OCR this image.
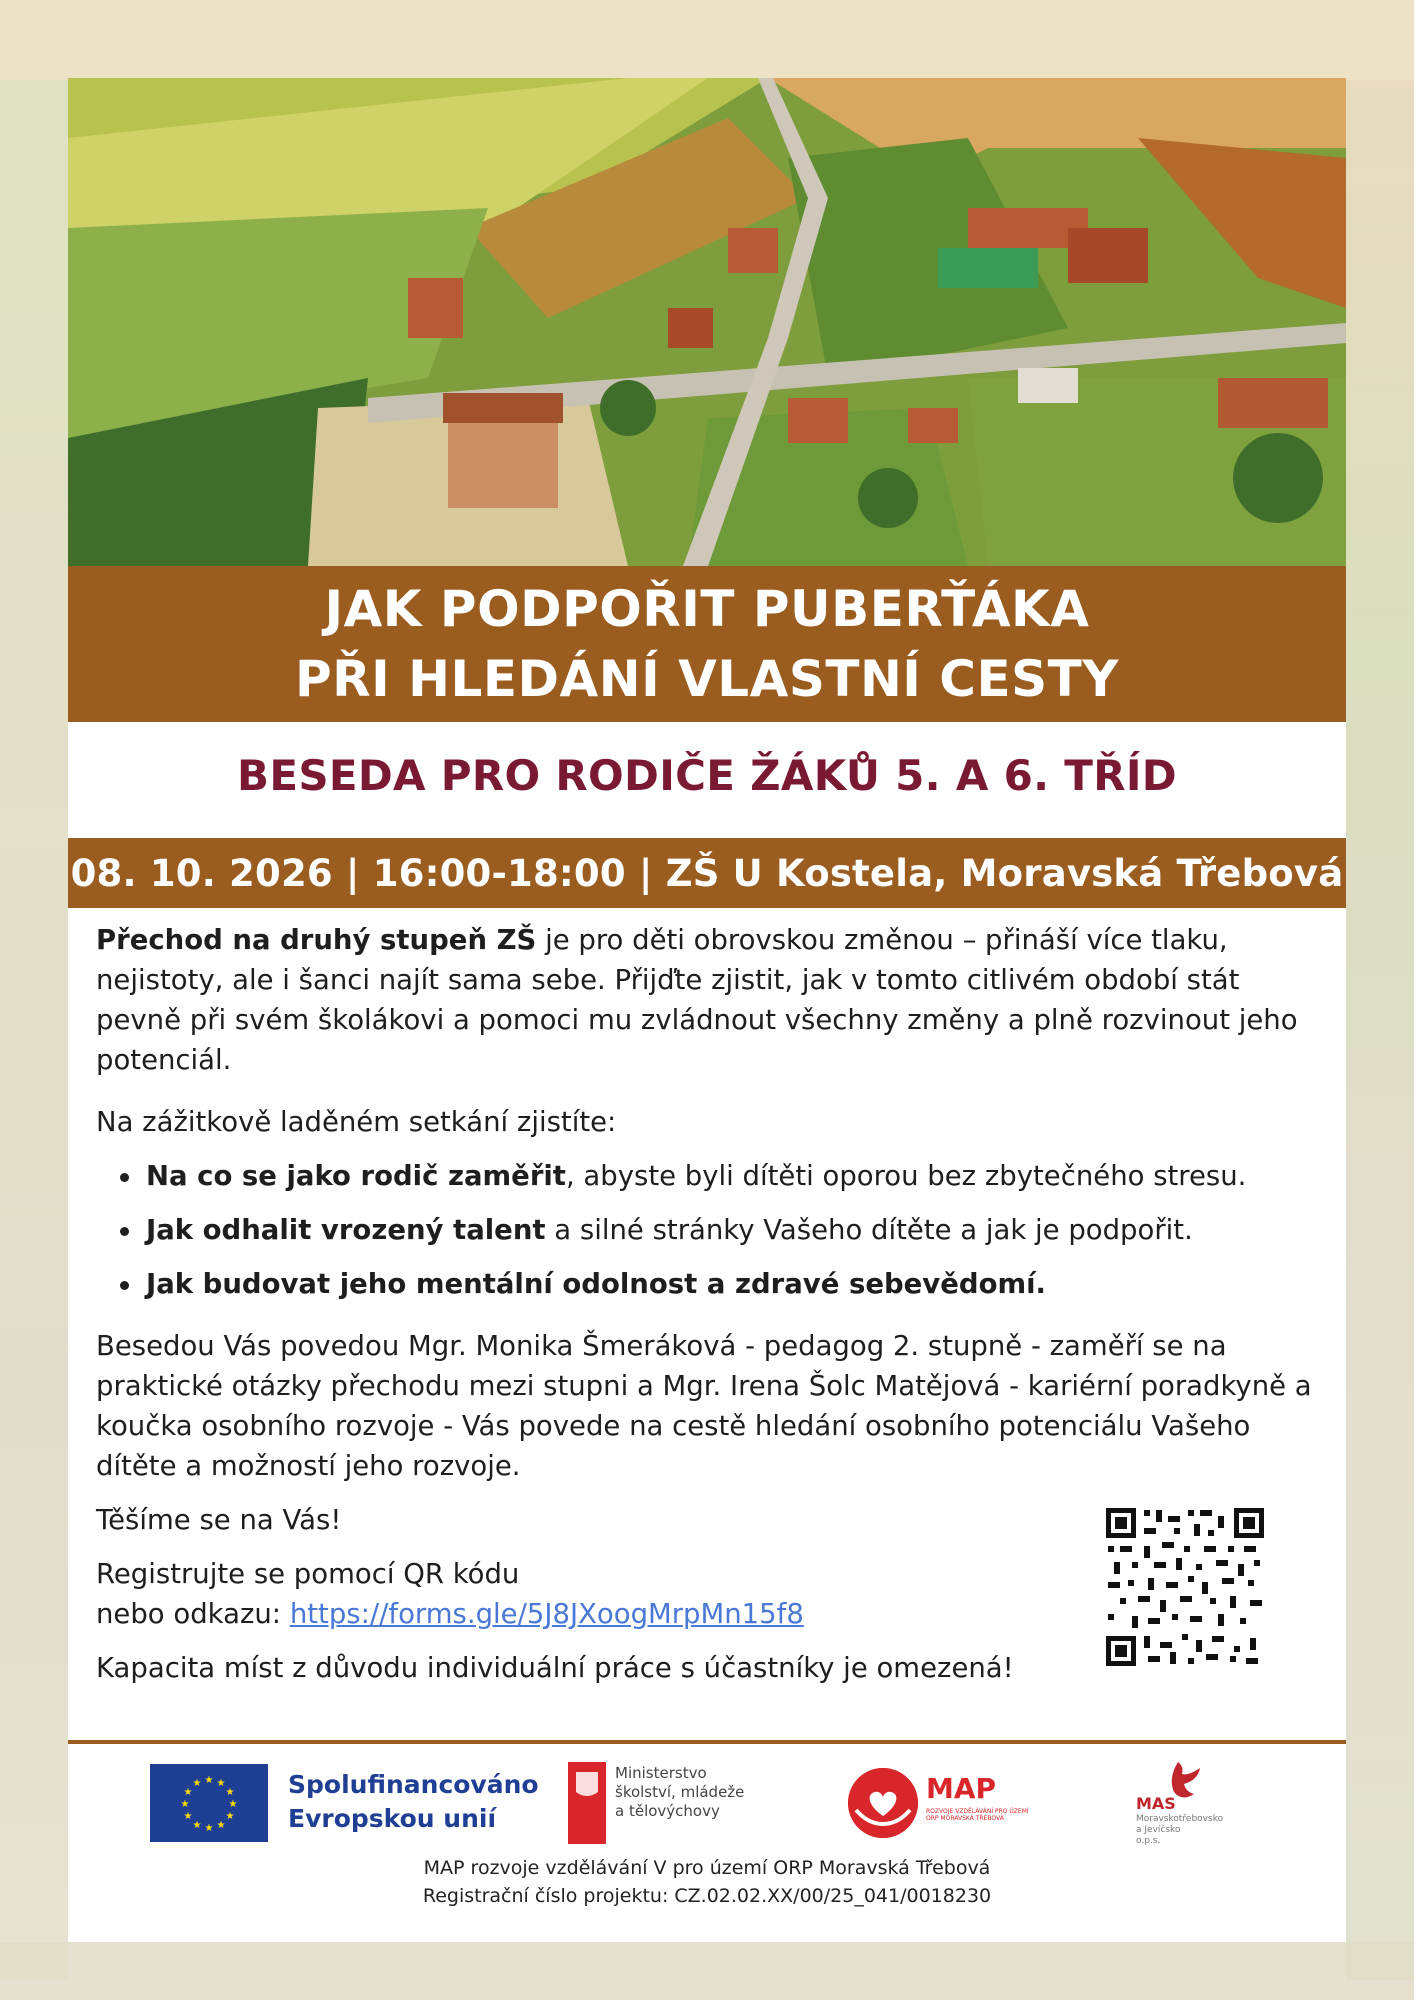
JAK PODPOŘIT PUBERŤÁKA
PŘI HLEDÁNÍ VLASTNÍ CESTY
BESEDA PRO RODIČE ŽÁKŮ 5. A 6. TŘÍD
08. 10. 2026 | 16:00-18:00 | ZŠ U Kostela, Moravská Třebová

Přechod na druhý stupeň ZŠ je pro děti obrovskou změnou – přináší více tlaku, nejistoty, ale i šanci najít sama sebe. Přijďte zjistit, jak v tomto citlivém období stát pevně při svém školákovi a pomoci mu zvládnout všechny změny a plně rozvinout jeho potenciál.

Na zážitkově laděném setkání zjistíte:

Na co se jako rodič zaměřit, abyste byli dítěti oporou bez zbytečného stresu.
Jak odhalit vrozený talent a silné stránky Vašeho dítěte a jak je podpořit.
Jak budovat jeho mentální odolnost a zdravé sebevědomí.

Besedou Vás povedou Mgr. Monika Šmeráková - pedagog 2. stupně - zaměří se na praktické otázky přechodu mezi stupni a Mgr. Irena Šolc Matějová - kariérní poradkyně a koučka osobního rozvoje - Vás povede na cestě hledání osobního potenciálu Vašeho dítěte a možností jeho rozvoje.

Těšíme se na Vás!

Registrujte se pomocí QR kódu
nebo odkazu: https://forms.gle/5J8JXoogMrpMn15f8

Kapacita míst z důvodu individuální práce s účastníky je omezená!

★ ★
★
★
★
★
★
★
★
★
★
★	Spolufinancováno
Evropskou unií
Ministerstvo
školství, mládeže
a tělovýchovy
MAP
ROZVOJE VZDĚLÁVÁNÍ PRO ÚZEMÍ ORP MORAVSKÁ TŘEBOVÁ
MAS
Moravskotřebovsko a Jevíčsko o.p.s.
MAP rozvoje vzdělávání V pro území ORP Moravská Třebová
Registrační číslo projektu: CZ.02.02.XX/00/25_041/0018230
